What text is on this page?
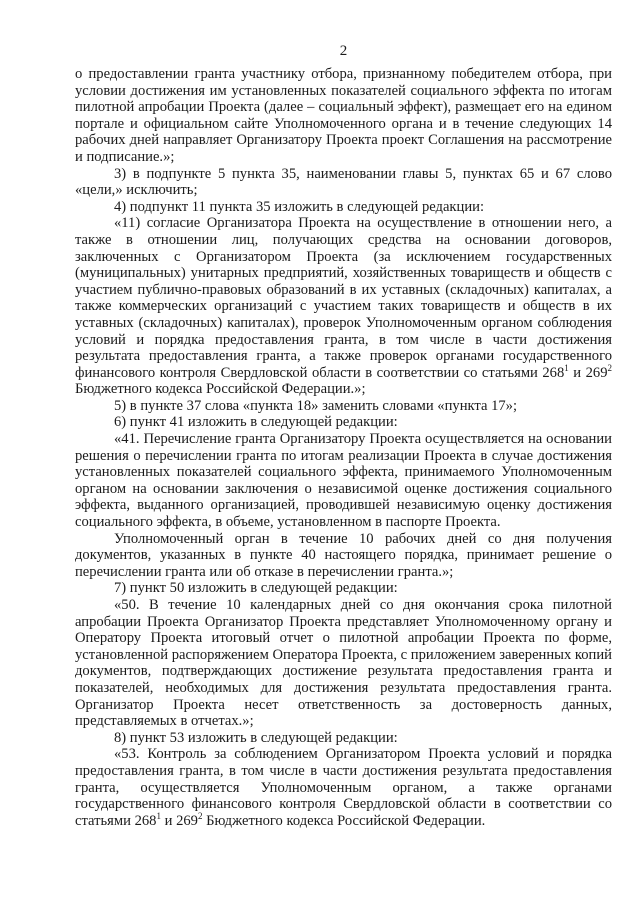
2

о предоставлении гранта участнику отбора, признанному победителем отбора, при условии достижения им установленных показателей социального эффекта по итогам пилотной апробации Проекта (далее – социальный эффект), размещает его на едином портале и официальном сайте Уполномоченного органа и в течение следующих 14 рабочих дней направляет Организатору Проекта проект Соглашения на рассмотрение и подписание.»;

3) в подпункте 5 пункта 35, наименовании главы 5, пунктах 65 и 67 слово «цели,» исключить;

4) подпункт 11 пункта 35 изложить в следующей редакции:

«11) согласие Организатора Проекта на осуществление в отношении него, а также в отношении лиц, получающих средства на основании договоров, заключенных с Организатором Проекта (за исключением государственных (муниципальных) унитарных предприятий, хозяйственных товариществ и обществ с участием публично-правовых образований в их уставных (складочных) капиталах, а также коммерческих организаций с участием таких товариществ и обществ в их уставных (складочных) капиталах), проверок Уполномоченным органом соблюдения условий и порядка предоставления гранта, в том числе в части достижения результата предоставления гранта, а также проверок органами государственного финансового контроля Свердловской области в соответствии со статьями $268^1$ и $269^2$ Бюджетного кодекса Российской Федерации.»;

5) в пункте 37 слова «пункта 18» заменить словами «пункта 17»;

6) пункт 41 изложить в следующей редакции:

«41. Перечисление гранта Организатору Проекта осуществляется на основании решения о перечислении гранта по итогам реализации Проекта в случае достижения установленных показателей социального эффекта, принимаемого Уполномоченным органом на основании заключения о независимой оценке достижения социального эффекта, выданного организацией, проводившей независимую оценку достижения социального эффекта, в объеме, установленном в паспорте Проекта.

Уполномоченный орган в течение 10 рабочих дней со дня получения документов, указанных в пункте 40 настоящего порядка, принимает решение о перечислении гранта или об отказе в перечислении гранта.»;

7) пункт 50 изложить в следующей редакции:

«50. В течение 10 календарных дней со дня окончания срока пилотной апробации Проекта Организатор Проекта представляет Уполномоченному органу и Оператору Проекта итоговый отчет о пилотной апробации Проекта по форме, установленной распоряжением Оператора Проекта, с приложением заверенных копий документов, подтверждающих достижение результата предоставления гранта и показателей, необходимых для достижения результата предоставления гранта. Организатор Проекта несет ответственность за достоверность данных, представляемых в отчетах.»;

8) пункт 53 изложить в следующей редакции:

«53. Контроль за соблюдением Организатором Проекта условий и порядка предоставления гранта, в том числе в части достижения результата предоставления гранта, осуществляется Уполномоченным органом, а также органами государственного финансового контроля Свердловской области в соответствии со статьями $268^1$ и $269^2$ Бюджетного кодекса Российской Федерации.
